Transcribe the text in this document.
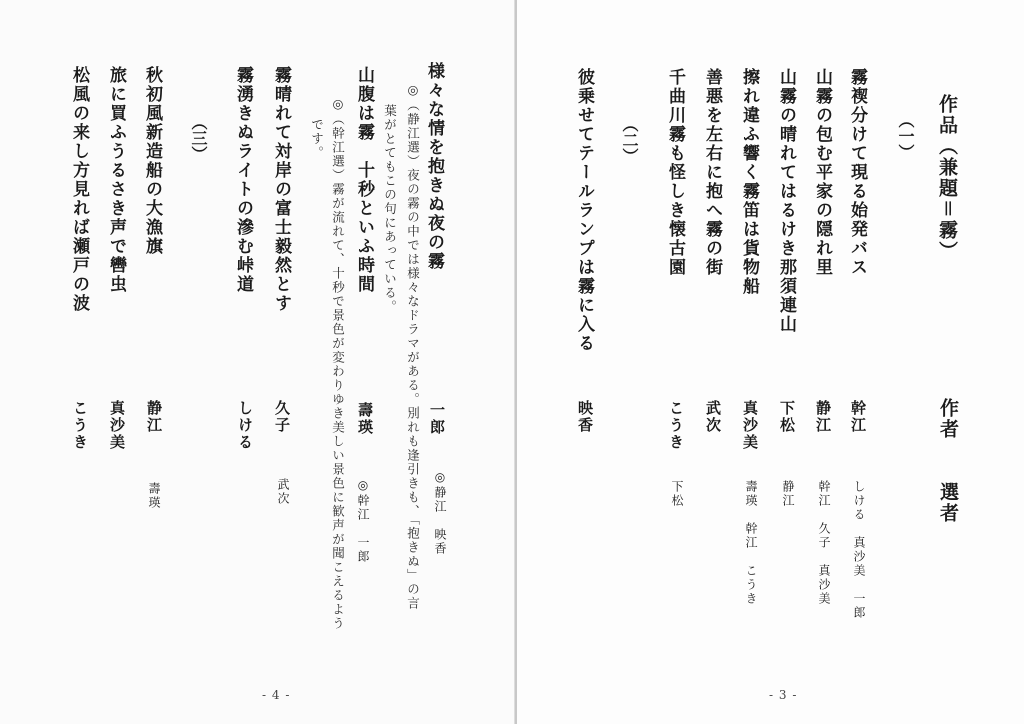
様々な情を抱きぬ夜の霧
一郎
◎静江　映香
◎（静江選）夜の霧の中では様々なドラマがある。別れも逢引きも、「抱きぬ」の言
葉がとてもこの句にあっている。
山腹は霧　十秒といふ時間
壽瑛
◎幹江　一郎
◎（幹江選）霧が流れて、十秒で景色が変わりゆき美しい景色に歓声が聞こえるよう
です。
霧晴れて対岸の富士毅然とす
久子
武次
霧湧きぬライトの滲む峠道
しける
（三）
秋初風新造船の大漁旗
静江
壽瑛
旅に買ふうるさき声で轡虫
真沙美
松風の来し方見れば瀬戸の波
こうき
- 4 -
作品（兼題＝霧）
作者
選者
（一）
霧褉分けて現る始発バス
幹江
しける　真沙美　一郎
山霧の包む平家の隠れ里
静江
幹江　久子　真沙美
山霧の晴れてはるけき那須連山
下松
静江
擦れ違ふ響く霧笛は貨物船
真沙美
壽瑛　幹江　こうき
善悪を左右に抱へ霧の街
武次
千曲川霧も怪しき懐古園
こうき
下松
（二）
彼乗せてテールランプは霧に入る
映香
- 3 -
